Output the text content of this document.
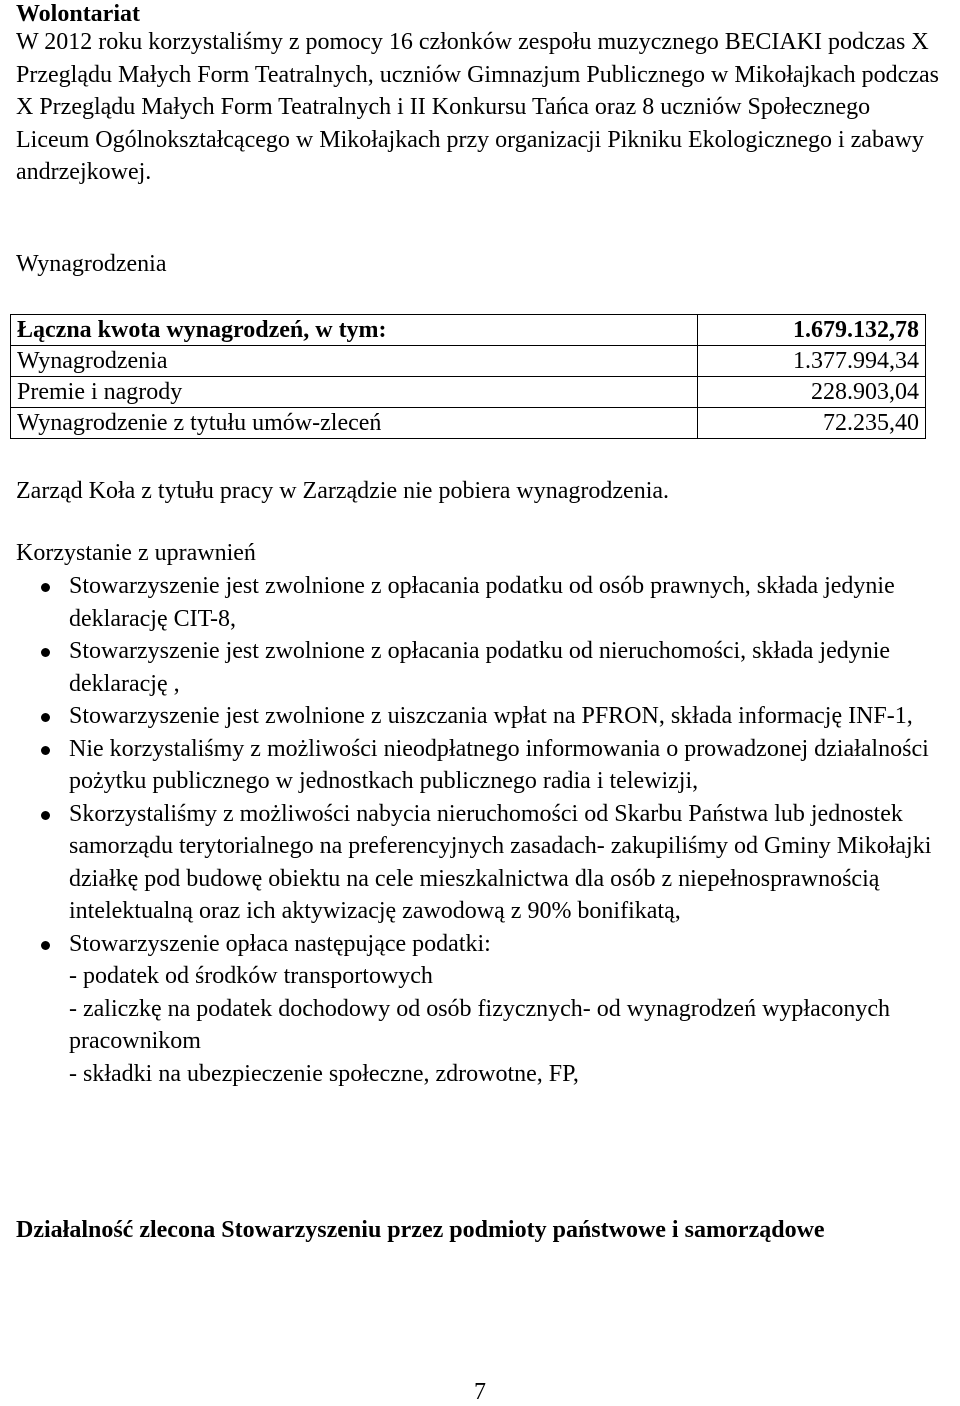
Wolontariat

W 2012 roku korzystaliśmy z pomocy 16 członków zespołu muzycznego BECIAKI podczas X Przeglądu Małych Form Teatralnych, uczniów Gimnazjum Publicznego w Mikołajkach podczas X Przeglądu Małych Form Teatralnych i II Konkursu Tańca oraz 8 uczniów Społecznego Liceum Ogólnokształcącego w Mikołajkach przy organizacji Pikniku Ekologicznego i zabawy andrzejkowej.

Wynagrodzenia
Łączna kwota wynagrodzeń, w tym:	1.679.132,78
Wynagrodzenia	1.377.994,34
Premie i nagrody	228.903,04
Wynagrodzenie z tytułu umów-zleceń	72.235,40
Zarząd Koła z tytułu pracy w Zarządzie nie pobiera wynagrodzenia.
Korzystanie z uprawnień
Stowarzyszenie jest zwolnione z opłacania podatku od osób prawnych, składa jedynie deklarację CIT-8,
Stowarzyszenie jest zwolnione z opłacania podatku od nieruchomości, składa jedynie deklarację ,
Stowarzyszenie jest zwolnione z uiszczania wpłat na PFRON, składa informację INF-1,
Nie korzystaliśmy z możliwości nieodpłatnego informowania o prowadzonej działalności pożytku publicznego w jednostkach publicznego radia i telewizji,
Skorzystaliśmy z możliwości nabycia nieruchomości od Skarbu Państwa lub jednostek samorządu terytorialnego na preferencyjnych zasadach- zakupiliśmy od Gminy Mikołajki działkę pod budowę obiektu na cele mieszkalnictwa dla osób z niepełnosprawnością intelektualną oraz ich aktywizację zawodową z 90% bonifikatą,
Stowarzyszenie opłaca następujące podatki:
- podatek od środków transportowych
- zaliczkę na podatek dochodowy od osób fizycznych- od wynagrodzeń wypłaconych pracownikom
- składki na ubezpieczenie społeczne, zdrowotne, FP,
Działalność zlecona Stowarzyszeniu przez podmioty państwowe i samorządowe
7
